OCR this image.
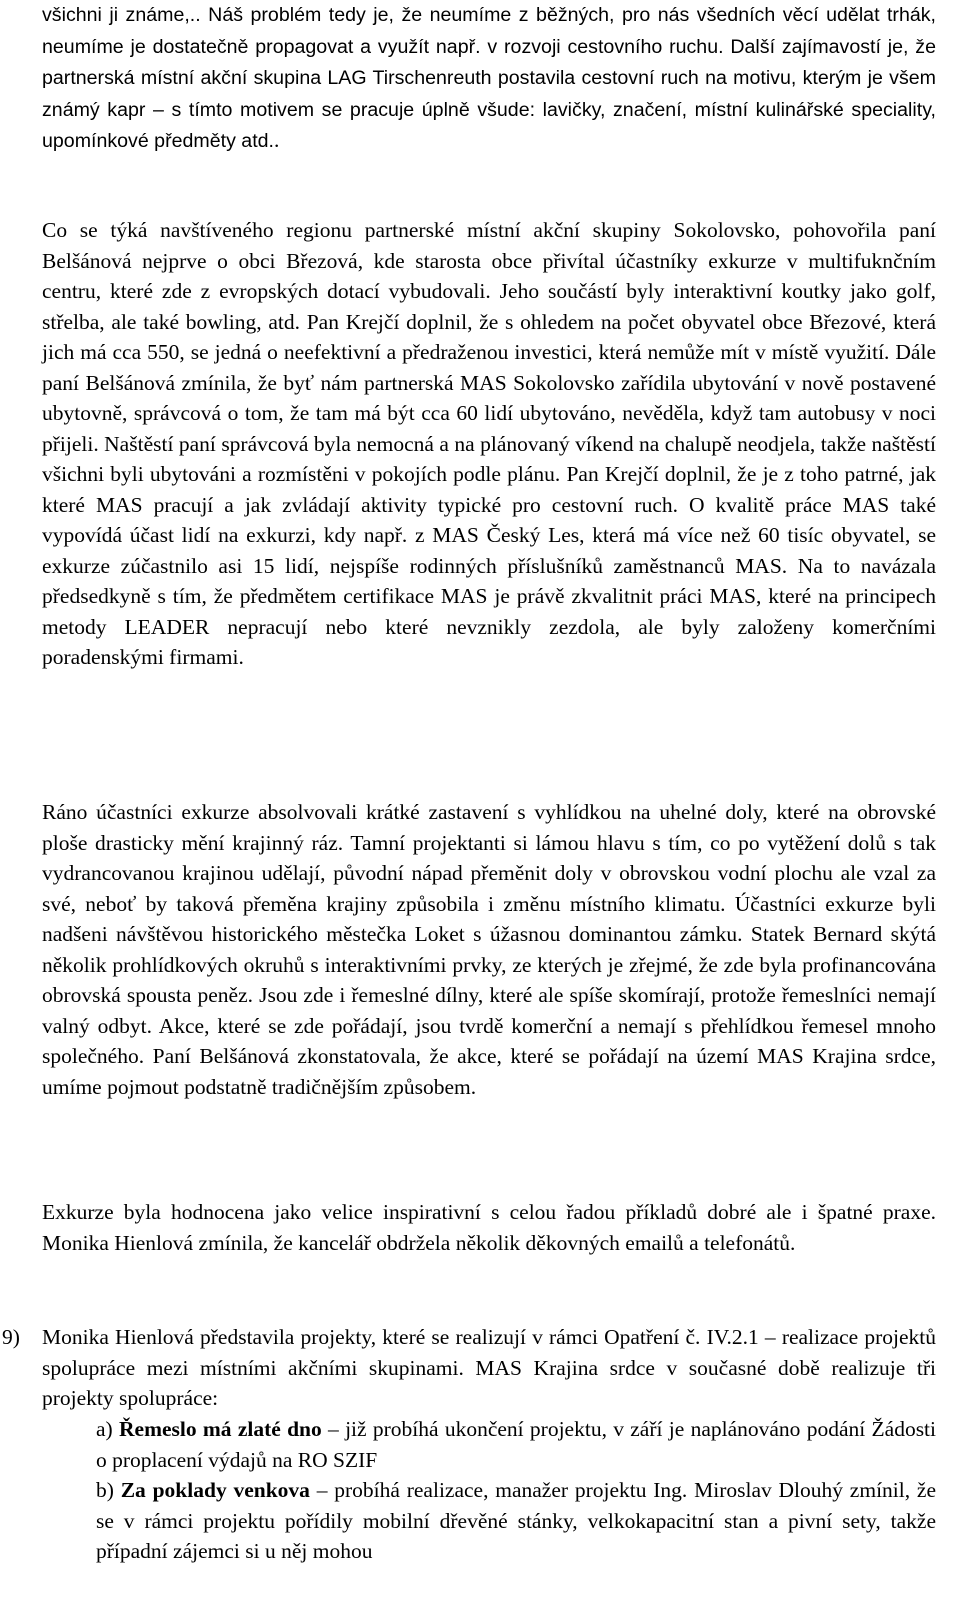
všichni ji známe,.. Náš problém tedy je, že neumíme z běžných, pro nás všedních věcí udělat trhák, neumíme je dostatečně propagovat a využít např. v rozvoji cestovního ruchu. Další zajímavostí je, že partnerská místní akční skupina LAG Tirschenreuth postavila cestovní ruch na motivu, kterým je všem známý kapr – s tímto motivem se pracuje úplně všude: lavičky, značení, místní kulinářské speciality, upomínkové předměty atd..

Co se týká navštíveného regionu partnerské místní akční skupiny Sokolovsko, pohovořila paní Belšánová nejprve o obci Březová, kde starosta obce přivítal účastníky exkurze v multifuknčním centru, které zde z evropských dotací vybudovali. Jeho součástí byly interaktivní koutky jako golf, střelba, ale také bowling, atd. Pan Krejčí doplnil, že s ohledem na počet obyvatel obce Březové, která jich má cca 550, se jedná o neefektivní a předraženou investici, která nemůže mít v místě využití. Dále paní Belšánová zmínila, že byť nám partnerská MAS Sokolovsko zařídila ubytování v nově postavené ubytovně, správcová o tom, že tam má být cca 60 lidí ubytováno, nevěděla, když tam autobusy v noci přijeli. Naštěstí paní správcová byla nemocná a na plánovaný víkend na chalupě neodjela, takže naštěstí všichni byli ubytováni a rozmístěni v pokojích podle plánu. Pan Krejčí doplnil, že je z toho patrné, jak které MAS pracují a jak zvládají aktivity typické pro cestovní ruch. O kvalitě práce MAS také vypovídá účast lidí na exkurzi, kdy např. z MAS Český Les, která má více než 60 tisíc obyvatel, se exkurze zúčastnilo asi 15 lidí, nejspíše rodinných příslušníků zaměstnanců MAS. Na to navázala předsedkyně s tím, že předmětem certifikace MAS je právě zkvalitnit práci MAS, které na principech metody LEADER nepracují nebo které nevznikly zezdola, ale byly založeny komerčními poradenskými firmami.

Ráno účastníci exkurze absolvovali krátké zastavení s vyhlídkou na uhelné doly, které na obrovské ploše drasticky mění krajinný ráz. Tamní projektanti si lámou hlavu s tím, co po vytěžení dolů s tak vydrancovanou krajinou udělají, původní nápad přeměnit doly v obrovskou vodní plochu ale vzal za své, neboť by taková přeměna krajiny způsobila i změnu místního klimatu. Účastníci exkurze byli nadšeni návštěvou historického městečka Loket s úžasnou dominantou zámku. Statek Bernard skýtá několik prohlídkových okruhů s interaktivními prvky, ze kterých je zřejmé, že zde byla profinancována obrovská spousta peněz. Jsou zde i řemeslné dílny, které ale spíše skomírají, protože řemeslníci nemají valný odbyt. Akce, které se zde pořádají, jsou tvrdě komerční a nemají s přehlídkou řemesel mnoho společného. Paní Belšánová zkonstatovala, že akce, které se pořádají na území MAS Krajina srdce, umíme pojmout podstatně tradičnějším způsobem.

Exkurze byla hodnocena jako velice inspirativní s celou řadou příkladů dobré ale i špatné praxe. Monika Hienlová zmínila, že kancelář obdržela několik děkovných emailů a telefonátů.

9)	Monika Hienlová představila projekty, které se realizují v rámci Opatření č. IV.2.1 – realizace projektů spolupráce mezi místními akčními skupinami. MAS Krajina srdce v současné době realizuje tři projekty spolupráce:

a) Řemeslo má zlaté dno – již probíhá ukončení projektu, v září je naplánováno podání Žádosti o proplacení výdajů na RO SZIF

b) Za poklady venkova – probíhá realizace, manažer projektu Ing. Miroslav Dlouhý zmínil, že se v rámci projektu pořídily mobilní dřevěné stánky, velkokapacitní stan a pivní sety, takže případní zájemci si u něj mohou
